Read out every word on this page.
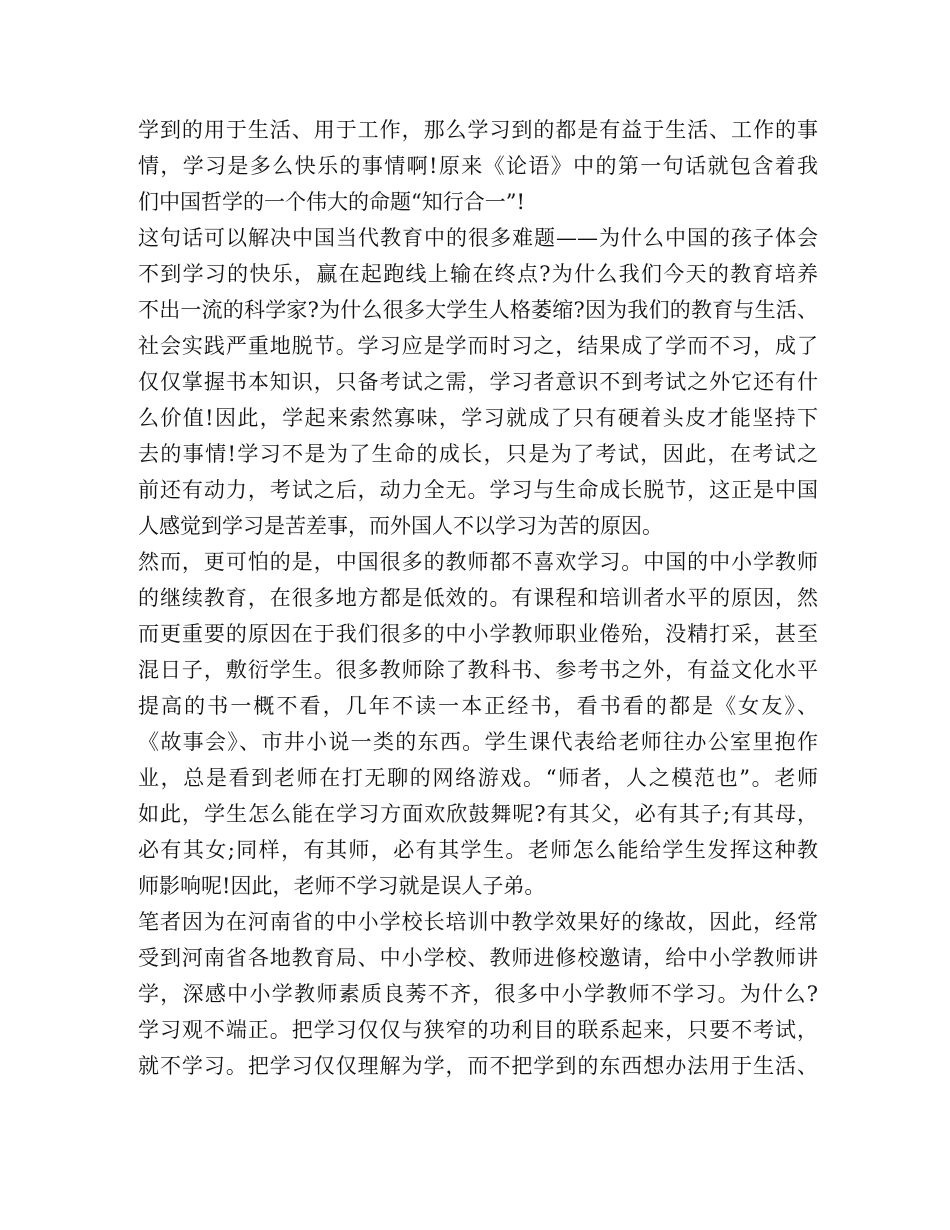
学到的用于生活、用于工作，那么学习到的都是有益于生活、工作的事
情，学习是多么快乐的事情啊!原来《论语》中的第一句话就包含着我
们中国哲学的一个伟大的命题“知行合一”!
这句话可以解决中国当代教育中的很多难题——为什么中国的孩子体会
不到学习的快乐，赢在起跑线上输在终点?为什么我们今天的教育培养
不出一流的科学家?为什么很多大学生人格萎缩?因为我们的教育与生活、
社会实践严重地脱节。学习应是学而时习之，结果成了学而不习，成了
仅仅掌握书本知识，只备考试之需，学习者意识不到考试之外它还有什
么价值!因此，学起来索然寡味，学习就成了只有硬着头皮才能坚持下
去的事情!学习不是为了生命的成长，只是为了考试，因此，在考试之
前还有动力，考试之后，动力全无。学习与生命成长脱节，这正是中国
人感觉到学习是苦差事，而外国人不以学习为苦的原因。
然而，更可怕的是，中国很多的教师都不喜欢学习。中国的中小学教师
的继续教育，在很多地方都是低效的。有课程和培训者水平的原因，然
而更重要的原因在于我们很多的中小学教师职业倦殆，没精打采，甚至
混日子，敷衍学生。很多教师除了教科书、参考书之外，有益文化水平
提高的书一概不看，几年不读一本正经书，看书看的都是《女友》、
《故事会》、市井小说一类的东西。学生课代表给老师往办公室里抱作
业，总是看到老师在打无聊的网络游戏。“师者，人之模范也”。老师
如此，学生怎么能在学习方面欢欣鼓舞呢?有其父，必有其子;有其母，
必有其女;同样，有其师，必有其学生。老师怎么能给学生发挥这种教
师影响呢!因此，老师不学习就是误人子弟。
笔者因为在河南省的中小学校长培训中教学效果好的缘故，因此，经常
受到河南省各地教育局、中小学校、教师进修校邀请，给中小学教师讲
学，深感中小学教师素质良莠不齐，很多中小学教师不学习。为什么?
学习观不端正。把学习仅仅与狭窄的功利目的联系起来，只要不考试，
就不学习。把学习仅仅理解为学，而不把学到的东西想办法用于生活、
